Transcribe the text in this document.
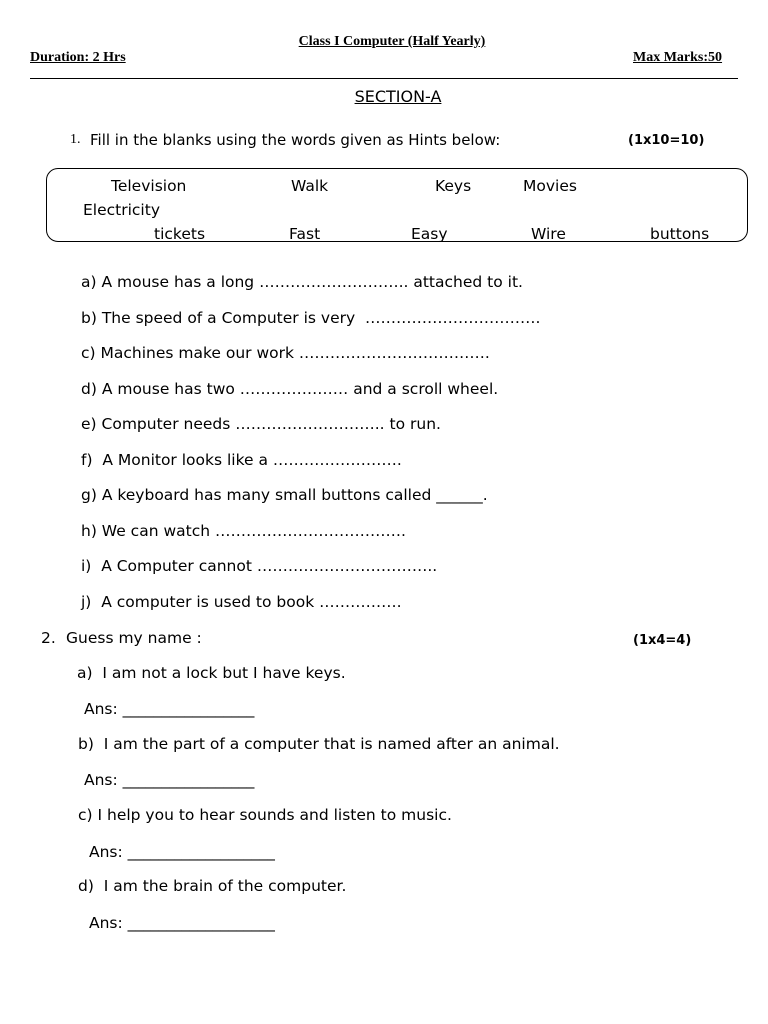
Class I Computer (Half Yearly)
Duration: 2 Hrs	Max Marks:50
SECTION-A
1. Fill in the blanks using the words given as Hints below:	(1x10=10)
Television	Walk	Keys	Movies
Electricity
tickets	Fast	Easy	Wire	buttons
a) A mouse has a long ……………………….. attached to it.
b) The speed of a Computer is very  …………………………….
c) Machines make our work ……………………………….
d) A mouse has two ………………… and a scroll wheel.
e) Computer needs ……………………….. to run.
f)  A Monitor looks like a …………………….
g) A keyboard has many small buttons called ______.
h) We can watch ……………………………….
i)  A Computer cannot ……………………………..
j)  A computer is used to book …………….
2. Guess my name :	(1x4=4)
a)  I am not a lock but I have keys.
Ans: _________________
b)  I am the part of a computer that is named after an animal.
Ans: _________________
c) I help you to hear sounds and listen to music.
Ans: ___________________
d)  I am the brain of the computer.
Ans: ___________________
